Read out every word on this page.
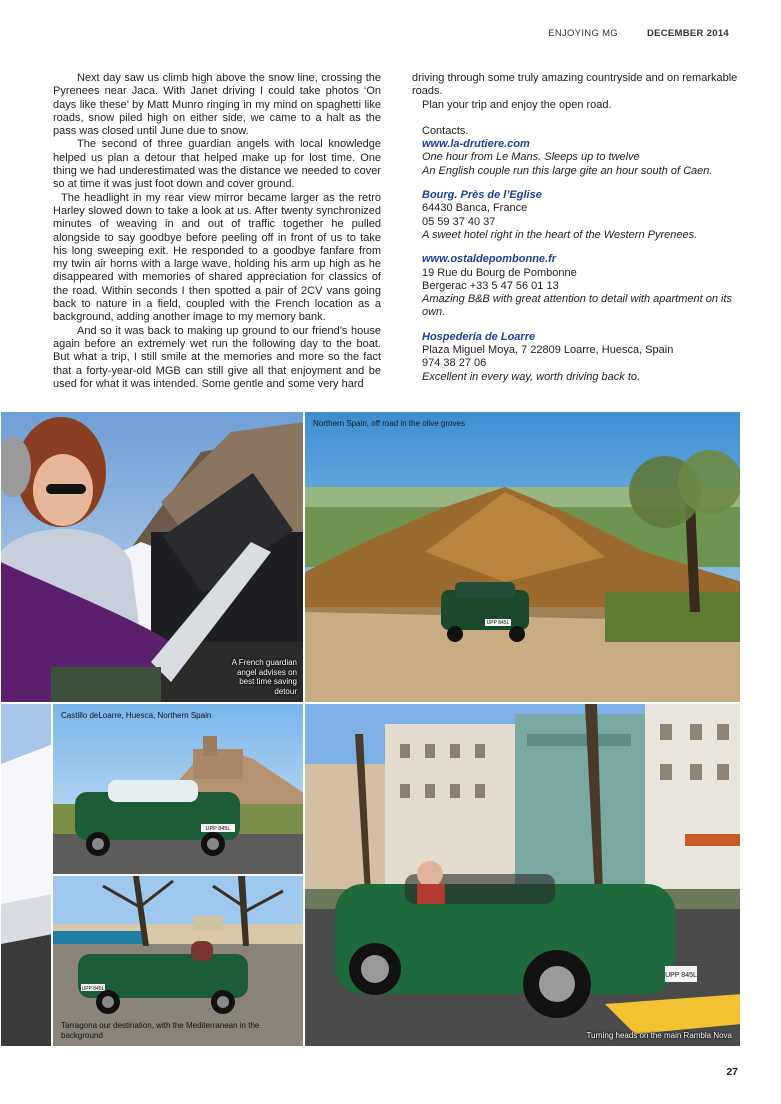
ENJOYING MG	DECEMBER 2014

Next day saw us climb high above the snow line, crossing the Pyrenees near Jaca. With Janet driving I could take photos ‘On days like these’ by Matt Munro ringing in my mind on spaghetti like roads, snow piled high on either side, we came to a halt as the pass was closed until June due to snow.

The second of three guardian angels with local knowledge helped us plan a detour that helped make up for lost time. One thing we had underestimated was the distance we needed to cover so at time it was just foot down and cover ground.

The headlight in my rear view mirror became larger as the retro Harley slowed down to take a look at us. After twenty synchronized minutes of weaving in and out of traffic together he pulled alongside to say goodbye before peeling off in front of us to take his long sweeping exit. He responded to a goodbye fanfare from my twin air horns with a large wave, holding his arm up high as he disappeared with memories of shared appreciation for classics of the road. Within seconds I then spotted a pair of 2CV vans going back to nature in a field, coupled with the French location as a background, adding another image to my memory bank.

And so it was back to making up ground to our friend’s house again before an extremely wet run the following day to the boat. But what a trip, I still smile at the memories and more so the fact that a forty-year-old MGB can still give all that enjoyment and be used for what it was intended. Some gentle and some very hard

driving through some truly amazing countryside and on remarkable roads.

Plan your trip and enjoy the open road.

Contacts.
www.la-drutiere.com
One hour from Le Mans. Sleeps up to twelve
An English couple run this large gite an hour south of Caen.
Bourg. Près de l’Eglise
64430 Banca, France
05 59 37 40 37
A sweet hotel right in the heart of the Western Pyrenees.
www.ostaldepombonne.fr
19 Rue du Bourg de Pombonne
Bergerac +33 5 47 56 01 13
Amazing B&B with great attention to detail with apartment on its own.
Hospedería de Loarre
Plaza Miguel Moya, 7 22809 Loarre, Huesca, Spain
974 38 27 06
Excellent in every way, worth driving back to.
A French guardian angel advises on best time saving detour
UPP 845L
Northern Spain, off road in the olive groves
UPP 845L
Castillo deLoarre, Huesca, Northern Spain
UPP 845L
Tarragona our destination, with the Mediterranean in the background
UPP 845L
Turning heads on the main Rambla Nova
27
